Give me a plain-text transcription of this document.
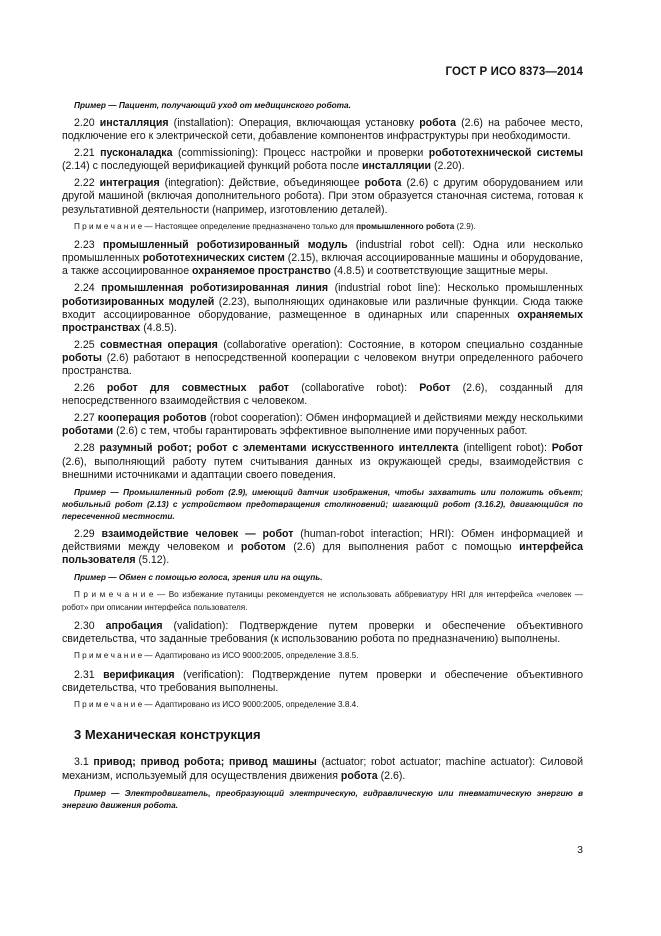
ГОСТ Р ИСО 8373—2014
Пример — Пациент, получающий уход от медицинского робота.
2.20 инсталляция (installation): Операция, включающая установку робота (2.6) на рабочее место, подключение его к электрической сети, добавление компонентов инфраструктуры при необходимости.
2.21 пусконаладка (commissioning): Процесс настройки и проверки робототехнической системы (2.14) с последующей верификацией функций робота после инсталляции (2.20).
2.22 интеграция (integration): Действие, объединяющее робота (2.6) с другим оборудованием или другой машиной (включая дополнительного робота). При этом образуется станочная система, готовая к результативной деятельности (например, изготовлению деталей).
П р и м е ч а н и е — Настоящее определение предназначено только для промышленного робота (2.9).
2.23 промышленный роботизированный модуль (industrial robot cell): Одна или несколько промышленных робототехнических систем (2.15), включая ассоциированные машины и оборудование, а также ассоциированное охраняемое пространство (4.8.5) и соответствующие защитные меры.
2.24 промышленная роботизированная линия (industrial robot line): Несколько промышленных роботизированных модулей (2.23), выполняющих одинаковые или различные функции. Сюда также входит ассоциированное оборудование, размещенное в одинарных или спаренных охраняемых пространствах (4.8.5).
2.25 совместная операция (collaborative operation): Состояние, в котором специально созданные роботы (2.6) работают в непосредственной кооперации с человеком внутри определенного рабочего пространства.
2.26 робот для совместных работ (collaborative robot): Робот (2.6), созданный для непосредственного взаимодействия с человеком.
2.27 кооперация роботов (robot cooperation): Обмен информацией и действиями между несколькими роботами (2.6) с тем, чтобы гарантировать эффективное выполнение ими порученных работ.
2.28 разумный робот; робот с элементами искусственного интеллекта (intelligent robot): Робот (2.6), выполняющий работу путем считывания данных из окружающей среды, взаимодействия с внешними источниками и адаптации своего поведения.
Пример — Промышленный робот (2.9), имеющий датчик изображения, чтобы захватить или положить объект; мобильный робот (2.13) с устройством предотвращения столкновений; шагающий робот (3.16.2), двигающийся по пересеченной местности.
2.29 взаимодействие человек — робот (human-robot interaction; HRI): Обмен информацией и действиями между человеком и роботом (2.6) для выполнения работ с помощью интерфейса пользователя (5.12).
Пример — Обмен с помощью голоса, зрения или на ощупь.
П р и м е ч а н и е — Во избежание путаницы рекомендуется не использовать аббревиатуру HRI для интерфейса «человек — робот» при описании интерфейса пользователя.
2.30 апробация (validation): Подтверждение путем проверки и обеспечение объективного свидетельства, что заданные требования (к использованию робота по предназначению) выполнены.
П р и м е ч а н и е — Адаптировано из ИСО 9000:2005, определение 3.8.5.
2.31 верификация (verification): Подтверждение путем проверки и обеспечение объективного свидетельства, что требования выполнены.
П р и м е ч а н и е — Адаптировано из ИСО 9000:2005, определение 3.8.4.
3 Механическая конструкция
3.1 привод; привод робота; привод машины (actuator; robot actuator; machine actuator): Силовой механизм, используемый для осуществления движения робота (2.6).
Пример — Электродвигатель, преобразующий электрическую, гидравлическую или пневматическую энергию в энергию движения робота.
3
